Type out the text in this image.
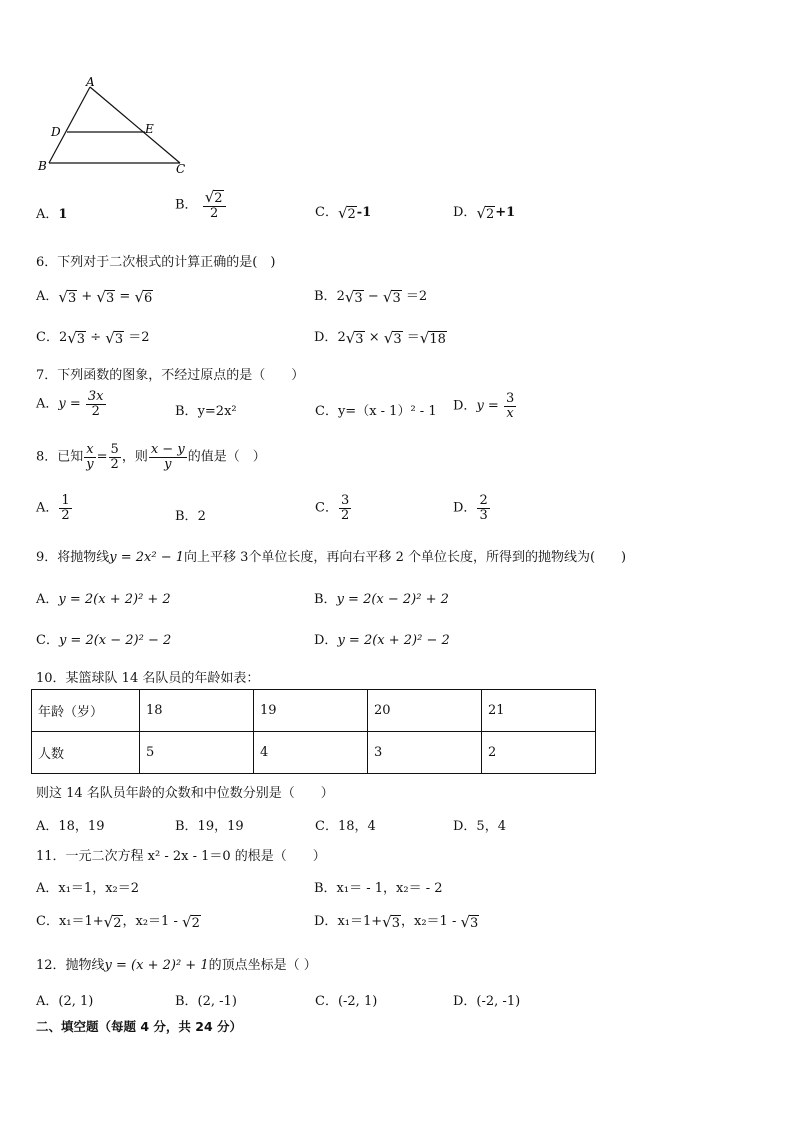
A
D	E
B	C
A．1
B． $\frac{√2}{2}$	C．√2-1	D．√2+1
6．下列对于二次根式的计算正确的是(　)
A．√3 + √3 = √6	B．2√3 − √3 ＝2
C．2√3 ÷ √3 ＝2	D．2√3 × √3 ＝√18
7．下列函数的图象，不经过原点的是（　　）
A．$y = \frac{3x}{2}$	B．y=2x²	C．y=（x - 1）² - 1 D．$y = \frac{3}{x}$
8．已知 $\frac{x}{y} = \frac{5}{2}$ ，则 $\frac{x - y}{y}$ 的值是（　）
A． $\frac{1}{2}$	B．2
C． $\frac{3}{2}$	D． $\frac{2}{3}$
9．将抛物线y = 2x² − 1向上平移 3个单位长度，再向右平移 2 个单位长度，所得到的抛物线为(　　)
A．y = 2(x + 2)² + 2	B．y = 2(x − 2)² + 2
C．y = 2(x − 2)² − 2	D．y = 2(x + 2)² − 2
10．某篮球队 14 名队员的年龄如表：
年龄（岁）	18	19	20	21
人数	5	4	3	2
则这 14 名队员年龄的众数和中位数分别是（　　）
A．18，19	B．19，19	C．18，4	D．5，4
11．一元二次方程 x² - 2x - 1＝0 的根是（　　）
A．x₁＝1，x₂＝2	B．x₁＝ - 1，x₂＝ - 2
C．x₁＝1+√2，x₂＝1 - √2	D．x₁＝1+√3，x₂＝1 - √3
12．抛物线y = (x + 2)² + 1的顶点坐标是（ ）
A．(2, 1)	B．(2, -1)	C．(-2, 1)	D．(-2, -1)
二、填空题（每题 4 分，共 24 分）
